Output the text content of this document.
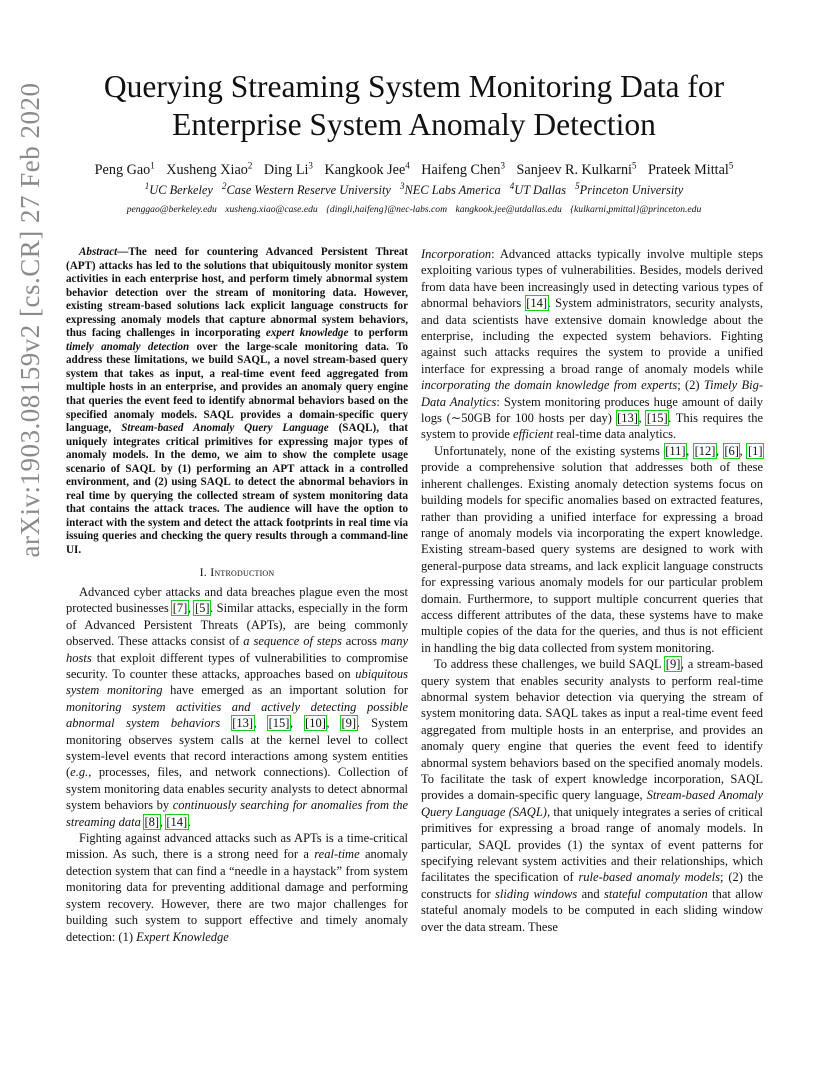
arXiv:1903.08159v2 [cs.CR] 27 Feb 2020	Querying Streaming System Monitoring Data for
Enterprise System Anomaly Detection
Peng Gao$^1$ Xusheng Xiao$^2$ Ding Li$^3$ Kangkook Jee$^4$ Haifeng Chen$^3$ Sanjeev R. Kulkarni$^5$ Prateek Mittal$^5$
$^1$UC Berkeley $^2$Case Western Reserve University $^3$NEC Labs America $^4$UT Dallas $^5$Princeton University
penggao@berkeley.edu xusheng.xiao@case.edu {dingli,haifeng}@nec-labs.com kangkook.jee@utdallas.edu {kulkarni,pmittal}@princeton.edu

Abstract—The need for countering Advanced Persistent Threat (APT) attacks has led to the solutions that ubiquitously monitor system activities in each enterprise host, and perform timely abnormal system behavior detection over the stream of monitoring data. However, existing stream-based solutions lack explicit language constructs for expressing anomaly models that capture abnormal system behaviors, thus facing challenges in incorporating expert knowledge to perform timely anomaly detection over the large-scale monitoring data. To address these limitations, we build SAQL, a novel stream-based query system that takes as input, a real-time event feed aggregated from multiple hosts in an enterprise, and provides an anomaly query engine that queries the event feed to identify abnormal behaviors based on the specified anomaly models. SAQL provides a domain-specific query language, Stream-based Anomaly Query Language (SAQL), that uniquely integrates critical primitives for expressing major types of anomaly models. In the demo, we aim to show the complete usage scenario of SAQL by (1) performing an APT attack in a controlled environment, and (2) using SAQL to detect the abnormal behaviors in real time by querying the collected stream of system monitoring data that contains the attack traces. The audience will have the option to interact with the system and detect the attack footprints in real time via issuing queries and checking the query results through a command-line UI.

I. Introduction

Advanced cyber attacks and data breaches plague even the most protected businesses [7], [5]. Similar attacks, especially in the form of Advanced Persistent Threats (APTs), are being commonly observed. These attacks consist of a sequence of steps across many hosts that exploit different types of vulnerabilities to compromise security. To counter these attacks, approaches based on ubiquitous system monitoring have emerged as an important solution for monitoring system activities and actively detecting possible abnormal system behaviors [13], [15], [10], [9]. System monitoring observes system calls at the kernel level to collect system-level events that record interactions among system entities (e.g., processes, files, and network connections). Collection of system monitoring data enables security analysts to detect abnormal system behaviors by continuously searching for anomalies from the streaming data [8], [14].

Fighting against advanced attacks such as APTs is a time-critical mission. As such, there is a strong need for a real-time anomaly detection system that can find a “needle in a haystack” from system monitoring data for preventing additional damage and performing system recovery. However, there are two major challenges for building such system to support effective and timely anomaly detection: (1) Expert Knowledge

Incorporation: Advanced attacks typically involve multiple steps exploiting various types of vulnerabilities. Besides, models derived from data have been increasingly used in detecting various types of abnormal behaviors [14]. System administrators, security analysts, and data scientists have extensive domain knowledge about the enterprise, including the expected system behaviors. Fighting against such attacks requires the system to provide a unified interface for expressing a broad range of anomaly models while incorporating the domain knowledge from experts; (2) Timely Big-Data Analytics: System monitoring produces huge amount of daily logs (∼50GB for 100 hosts per day) [13], [15]. This requires the system to provide efficient real-time data analytics.

Unfortunately, none of the existing systems [11], [12], [6], [1] provide a comprehensive solution that addresses both of these inherent challenges. Existing anomaly detection systems focus on building models for specific anomalies based on extracted features, rather than providing a unified interface for expressing a broad range of anomaly models via incorporating the expert knowledge. Existing stream-based query systems are designed to work with general-purpose data streams, and lack explicit language constructs for expressing various anomaly models for our particular problem domain. Furthermore, to support multiple concurrent queries that access different attributes of the data, these systems have to make multiple copies of the data for the queries, and thus is not efficient in handling the big data collected from system monitoring.

To address these challenges, we build SAQL [9], a stream-based query system that enables security analysts to perform real-time abnormal system behavior detection via querying the stream of system monitoring data. SAQL takes as input a real-time event feed aggregated from multiple hosts in an enterprise, and provides an anomaly query engine that queries the event feed to identify abnormal system behaviors based on the specified anomaly models. To facilitate the task of expert knowledge incorporation, SAQL provides a domain-specific query language, Stream-based Anomaly Query Language (SAQL), that uniquely integrates a series of critical primitives for expressing a broad range of anomaly models. In particular, SAQL provides (1) the syntax of event patterns for specifying relevant system activities and their relationships, which facilitates the specification of rule-based anomaly models; (2) the constructs for sliding windows and stateful computation that allow stateful anomaly models to be computed in each sliding window over the data stream. These
